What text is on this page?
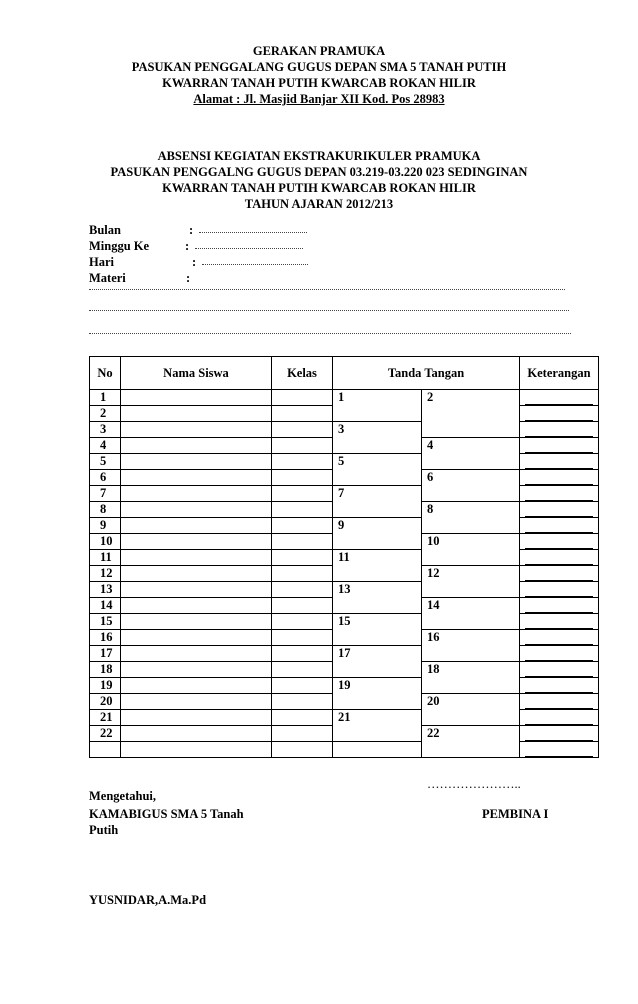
GERAKAN PRAMUKA
PASUKAN PENGGALANG GUGUS DEPAN SMA 5 TANAH PUTIH
KWARRAN TANAH PUTIH KWARCAB ROKAN HILIR
Alamat : Jl. Masjid Banjar XII Kod. Pos 28983
ABSENSI KEGIATAN EKSTRAKURIKULER PRAMUKA
PASUKAN PENGGALNG GUGUS DEPAN 03.219-03.220 023 SEDINGINAN
KWARRAN TANAH PUTIH KWARCAB ROKAN HILIR
TAHUN AJARAN 2012/213
Bulan	:
Minggu Ke	:
Hari	:
Materi	:
No	Nama Siswa	Kelas	Tanda Tangan		Keterangan
1			1	2	

2					

3			3		

4				4	

5			5		

6				6	

7			7		

8				8	

9			9		

10				10	

11			11		

12				12	

13			13		

14				14	

15			15		

16				16	

17			17		

18				18	

19			19		

20				20	

21			21		

22				22	

…………………..
Mengetahui,
KAMABIGUS SMA 5 Tanah
Putih
PEMBINA I
YUSNIDAR,A.Ma.Pd
